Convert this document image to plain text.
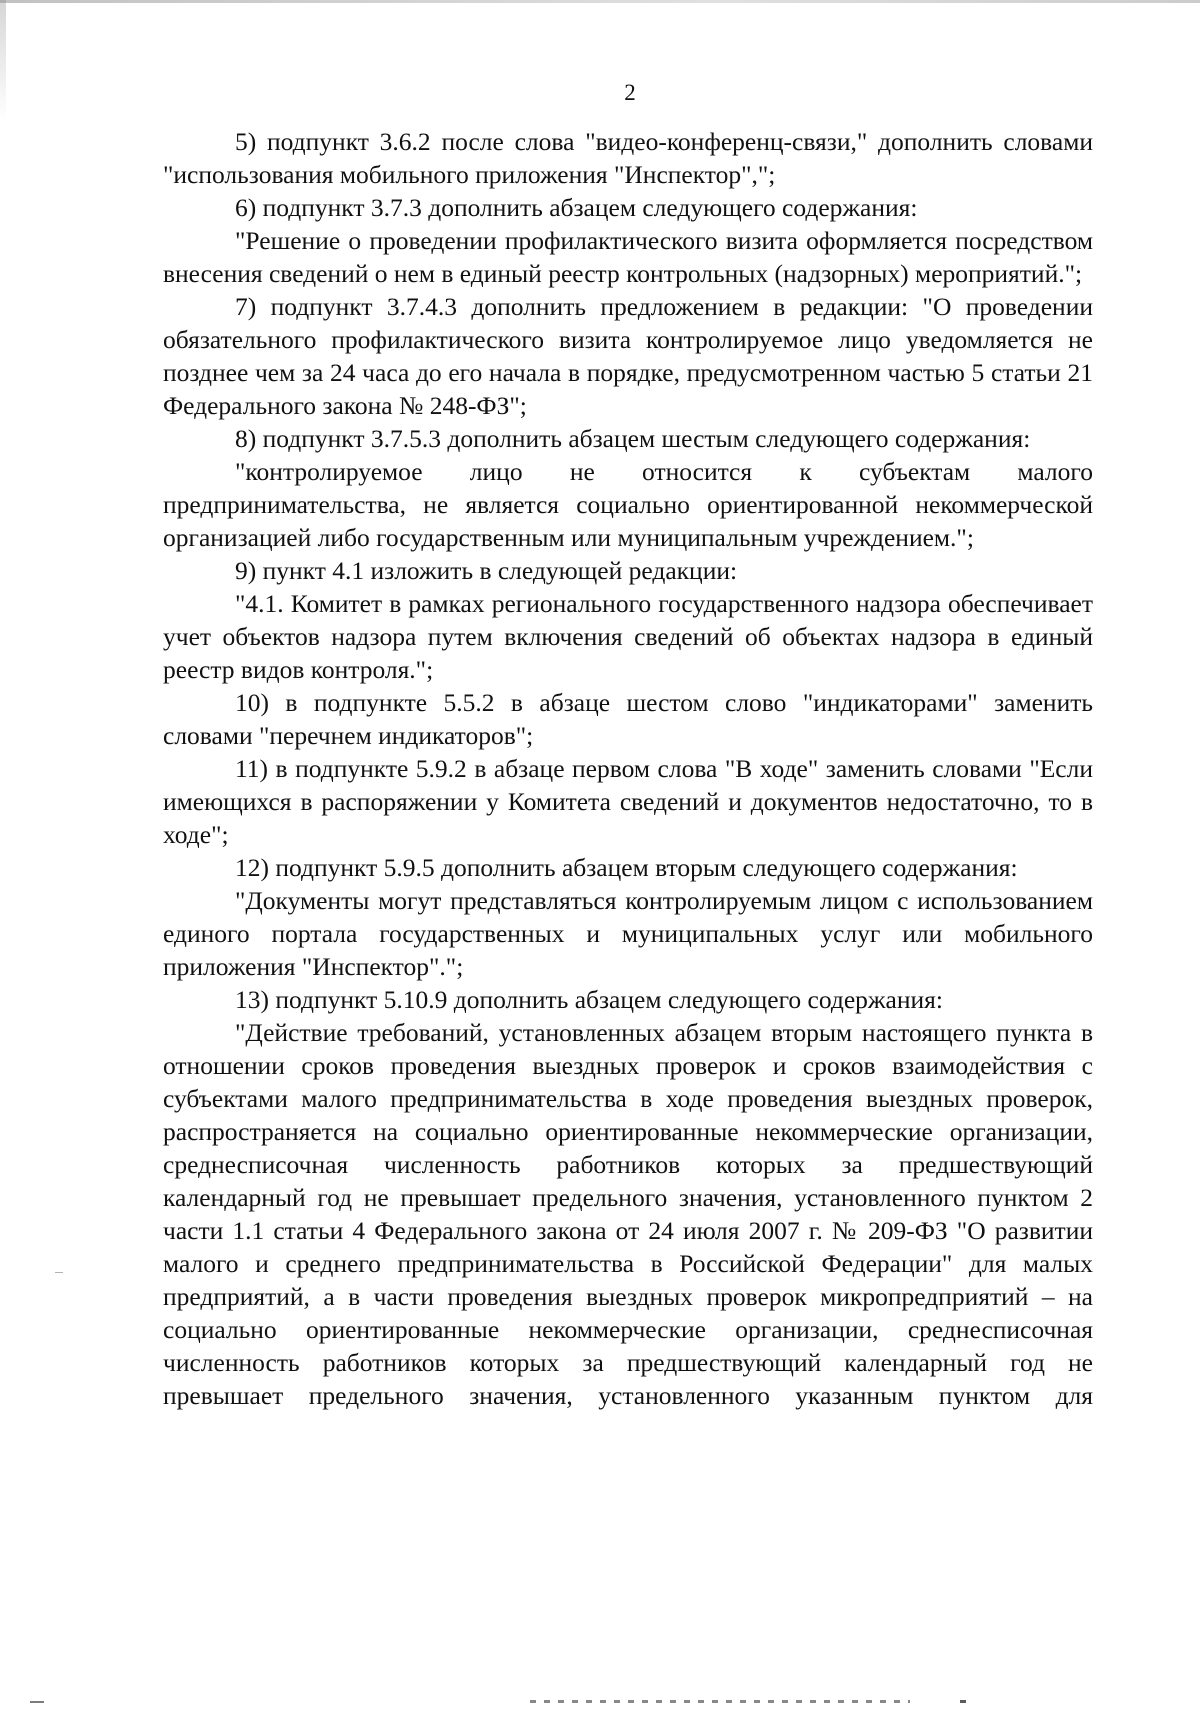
2

5) подпункт 3.6.2 после слова "видео-конференц-связи," дополнить словами "использования мобильного приложения "Инспектор",";

6) подпункт 3.7.3 дополнить абзацем следующего содержания:

"Решение о проведении профилактического визита оформляется посредством внесения сведений о нем в единый реестр контрольных (надзорных) мероприятий.";

7) подпункт 3.7.4.3 дополнить предложением в редакции: "О проведении обязательного профилактического визита контролируемое лицо уведомляется не позднее чем за 24 часа до его начала в порядке, предусмотренном частью 5 статьи 21 Федерального закона № 248-ФЗ";

8) подпункт 3.7.5.3 дополнить абзацем шестым следующего содержания:

"контролируемое лицо не относится к субъектам малого предпринимательства, не является социально ориентированной некоммерческой организацией либо государственным или муниципальным учреждением.";

9) пункт 4.1 изложить в следующей редакции:

"4.1. Комитет в рамках регионального государственного надзора обеспечивает учет объектов надзора путем включения сведений об объектах надзора в единый реестр видов контроля.";

10) в подпункте 5.5.2 в абзаце шестом слово "индикаторами" заменить словами "перечнем индикаторов";

11) в подпункте 5.9.2 в абзаце первом слова "В ходе" заменить словами "Если имеющихся в распоряжении у Комитета сведений и документов недостаточно, то в ходе";

12) подпункт 5.9.5 дополнить абзацем вторым следующего содержания:

"Документы могут представляться контролируемым лицом с использованием единого портала государственных и муниципальных услуг или мобильного приложения "Инспектор".";

13) подпункт 5.10.9 дополнить абзацем следующего содержания:

"Действие требований, установленных абзацем вторым настоящего пункта в отношении сроков проведения выездных проверок и сроков взаимодействия с субъектами малого предпринимательства в ходе проведения выездных проверок, распространяется на социально ориентированные некоммерческие организации, среднесписочная численность работников которых за предшествующий календарный год не превышает предельного значения, установленного пунктом 2 части 1.1 статьи 4 Федерального закона от 24 июля 2007 г. № 209-ФЗ "О развитии малого и среднего предпринимательства в Российской Федерации" для малых предприятий, а в части проведения выездных проверок микропредприятий – на социально ориентированные некоммерческие организации, среднесписочная численность работников которых за предшествующий календарный год не превышает предельного значения, установленного указанным пунктом для
